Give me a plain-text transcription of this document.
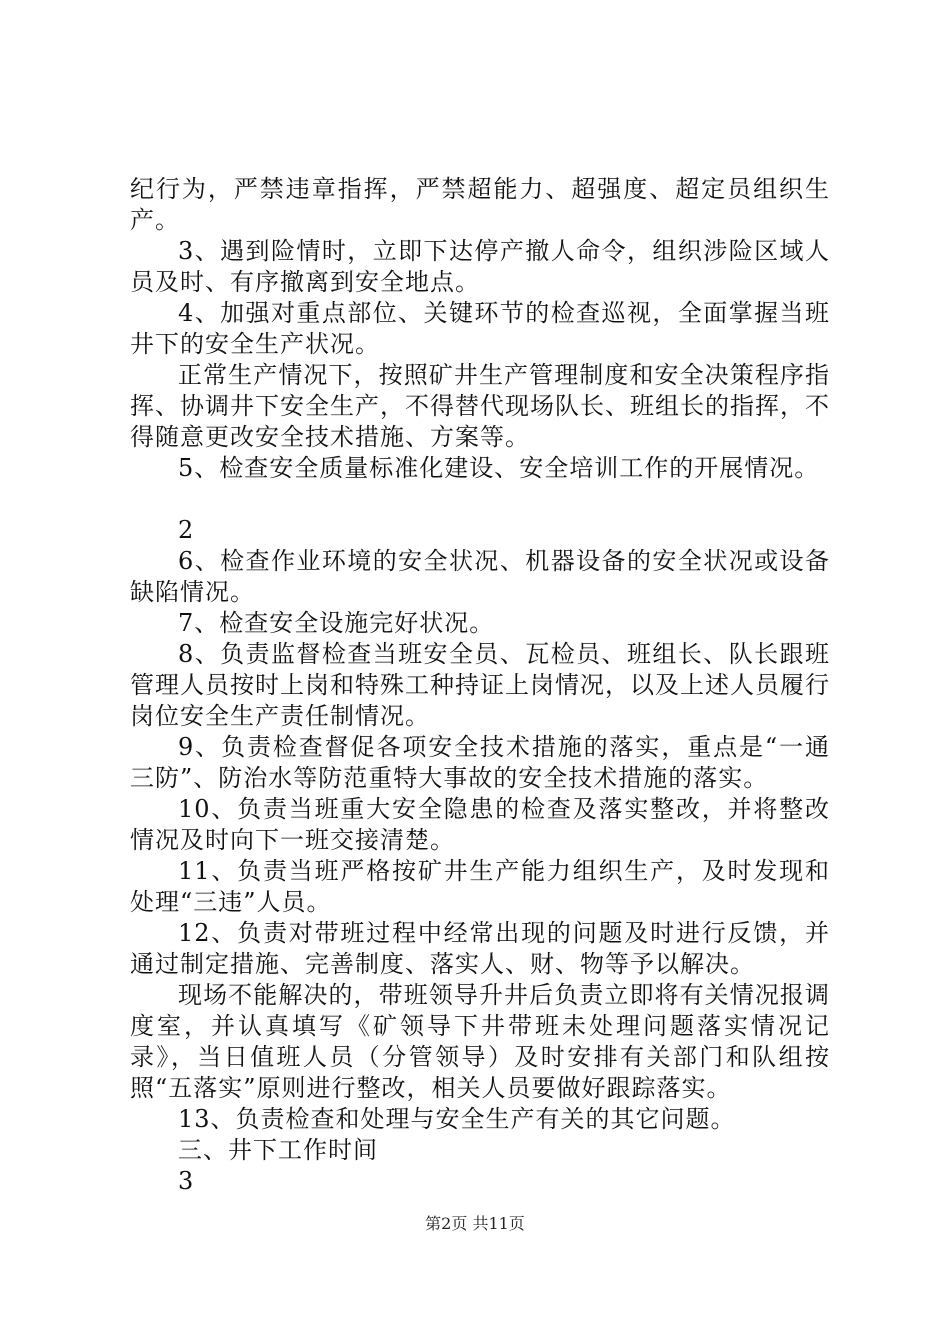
纪行为，严禁违章指挥，严禁超能力、超强度、超定员组织生产。

3、遇到险情时，立即下达停产撤人命令，组织涉险区域人员及时、有序撤离到安全地点。

4、加强对重点部位、关键环节的检查巡视，全面掌握当班井下的安全生产状况。

正常生产情况下，按照矿井生产管理制度和安全决策程序指挥、协调井下安全生产，不得替代现场队长、班组长的指挥，不得随意更改安全技术措施、方案等。

5、检查安全质量标准化建设、安全培训工作的开展情况。

2

6、检查作业环境的安全状况、机器设备的安全状况或设备缺陷情况。

7、检查安全设施完好状况。

8、负责监督检查当班安全员、瓦检员、班组长、队长跟班管理人员按时上岗和特殊工种持证上岗情况，以及上述人员履行岗位安全生产责任制情况。

9、负责检查督促各项安全技术措施的落实，重点是“一通三防”、防治水等防范重特大事故的安全技术措施的落实。

10、负责当班重大安全隐患的检查及落实整改，并将整改情况及时向下一班交接清楚。

11、负责当班严格按矿井生产能力组织生产，及时发现和处理“三违”人员。

12、负责对带班过程中经常出现的问题及时进行反馈，并通过制定措施、完善制度、落实人、财、物等予以解决。

现场不能解决的，带班领导升井后负责立即将有关情况报调度室，并认真填写《矿领导下井带班未处理问题落实情况记录》，当日值班人员（分管领导）及时安排有关部门和队组按照“五落实”原则进行整改，相关人员要做好跟踪落实。

13、负责检查和处理与安全生产有关的其它问题。

三、井下工作时间

3

第2页 共11页
